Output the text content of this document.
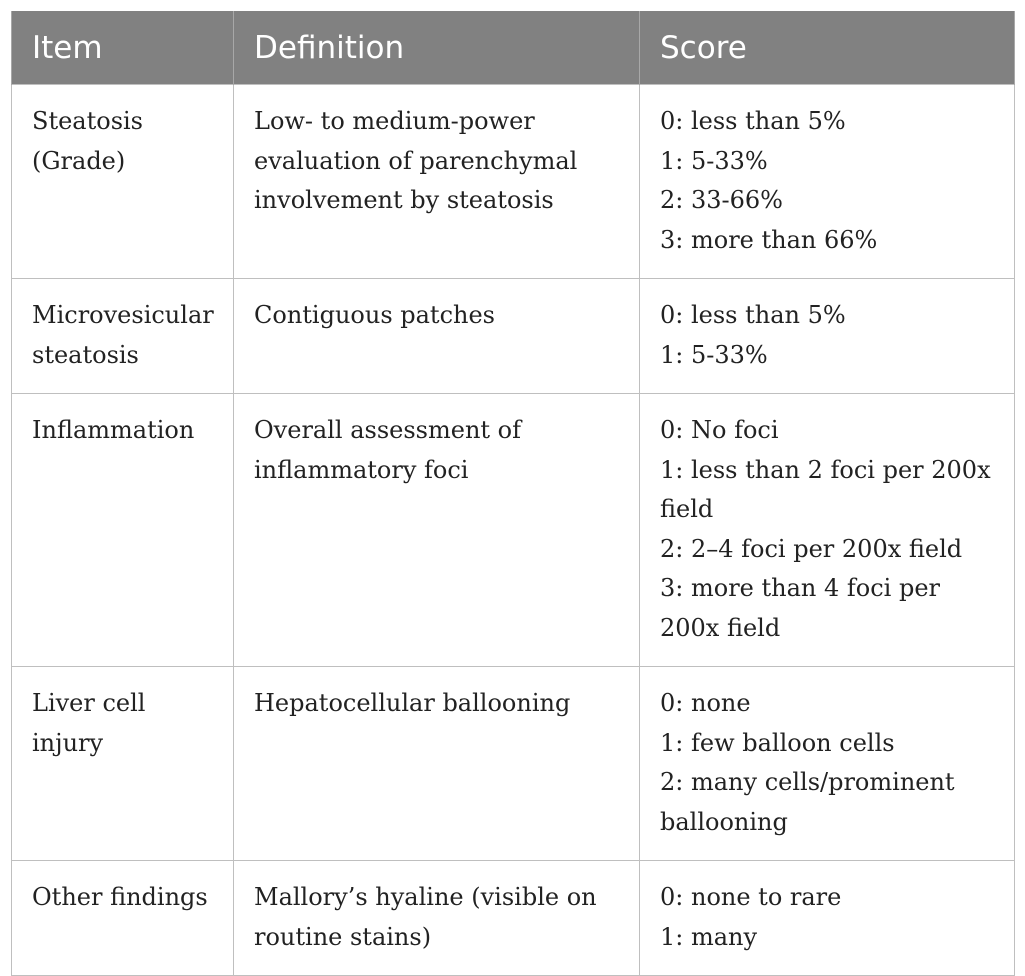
Item	Definition	Score
Steatosis (Grade)	Low- to medium-power evaluation of parenchymal involvement by steatosis	0: less than 5%
1: 5-33%
2: 33-66%
3: more than 66%

Microvesicular steatosis	Contiguous patches	0: less than 5%
1: 5-33%

Inflammation	Overall assessment of inflammatory foci	0: No foci
1: less than 2 foci per 200x field
2: 2–4 foci per 200x field
3: more than 4 foci per 200x field

Liver cell injury	Hepatocellular ballooning	0: none
1: few balloon cells
2: many cells/prominent ballooning

Other findings	Mallory’s hyaline (visible on routine stains)	0: none to rare
1: many
